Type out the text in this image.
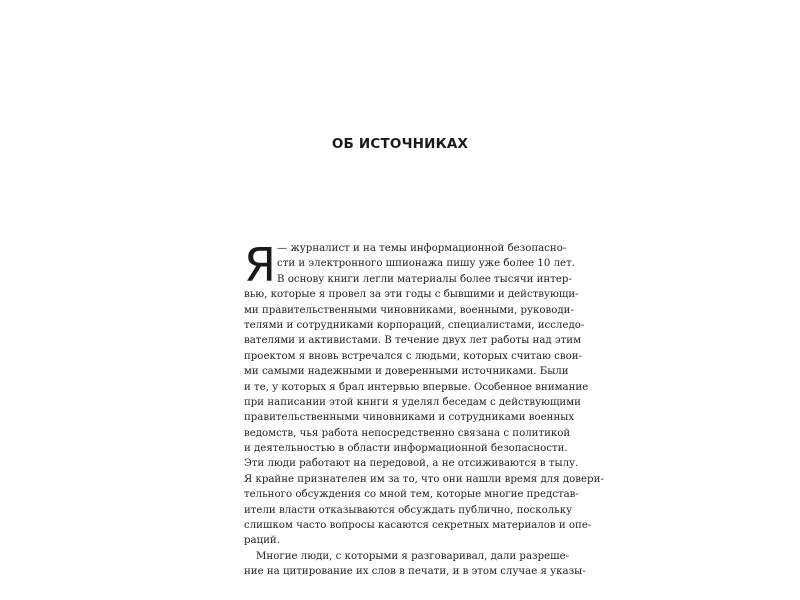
ОБ ИСТОЧНИКАХ
Я — журналист и на темы информационной безопасно-
сти и электронного шпионажа пишу уже более 10 лет.
В основу книги легли материалы более тысячи интер-
вью, которые я провел за эти годы с бывшими и действующи-
ми правительственными чиновниками, военными, руководи-
телями и сотрудниками корпораций, специалистами, исследо-
вателями и активистами. В течение двух лет работы над этим
проектом я вновь встречался с людьми, которых считаю свои-
ми самыми надежными и доверенными источниками. Были
и те, у которых я брал интервью впервые. Особенное внимание
при написании этой книги я уделял беседам с действующими
правительственными чиновниками и сотрудниками военных
ведомств, чья работа непосредственно связана с политикой
и деятельностью в области информационной безопасности.
Эти люди работают на передовой, а не отсиживаются в тылу.
Я крайне признателен им за то, что они нашли время для довери-
тельного обсуждения со мной тем, которые многие представ-
ители власти отказываются обсуждать публично, поскольку
слишком часто вопросы касаются секретных материалов и опе-
раций.
Многие люди, с которыми я разговаривал, дали разреше-
ние на цитирование их слов в печати, и в этом случае я указы-
